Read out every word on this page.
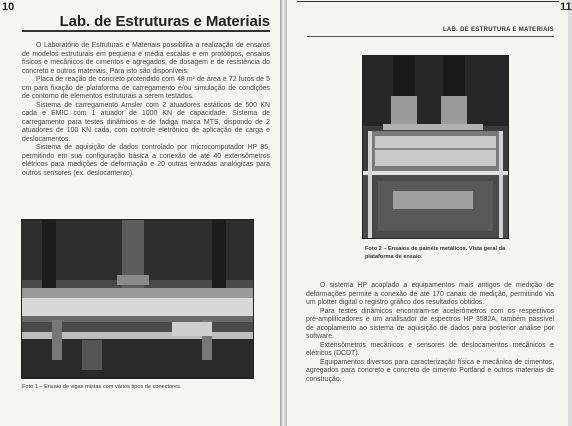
10
Lab. de Estruturas e Materiais

O Laboratório de Estruturas e Materiais possibilita a realização de ensaios de modelos estruturais em pequena e média escalas e em protótipos, ensaios físicos e mecânicos de cimentos e agregados, de dosagem e de resistência do concreto e outros materiais. Para isto são disponíveis:

Placa de reação de concreto protendido com 48 m² de área e 72 furos de 5 cm para fixação de plataforma de carregamento e/ou simulação de condições de contorno de elementos estruturais a serem testados.

Sistema de carregamento Amsler com 2 atuadores estáticos de 500 KN cada e EMIC com 1 atuador de 1000 KN de capacidade. Sistema de carregamento para testes dinâmicos e de fadiga marca MTS, dispondo de 2 atuadores de 100 KN cada, com controle eletrônico de aplicação de carga e deslocamentos.

Sistema de aquisição de dados controlado por microcomputador HP 85, permitindo em sua configuração básica a conexão de até 40 extensômetros elétricos para medições de deformação e 20 outras entradas analógicas para outros sensores (ex. deslocamento).

Foto 1 – Ensaio de vigas mistas com vários tipos de conectores.
11
LAB. DE ESTRUTURA E MATERIAIS
Foto 2 – Ensaios de painéis metálicos. Vista geral da plataforma de ensaio.

O sistema HP acoplado a equipamentos mais antigos de medição de deformações permite a conexão de até 170 canais de medição, permitindo via um plotter digital o registro gráfico dos resultados obtidos.

Para testes dinâmicos encontram-se acelerômetros com os respectivos pré-amplificadores e um analisador de espectros HP 3582A, também passível de acoplamento ao sistema de aquisição de dados para posterior análise por software.

Extensômetros mecânicos e sensores de deslocamentos mecânicos e elétricos (DCDT).

Equipamentos diversos para caracterização física e mecânica de cimentos, agregados para concreto e concreto de cimento Portland e outros materiais de construção.
